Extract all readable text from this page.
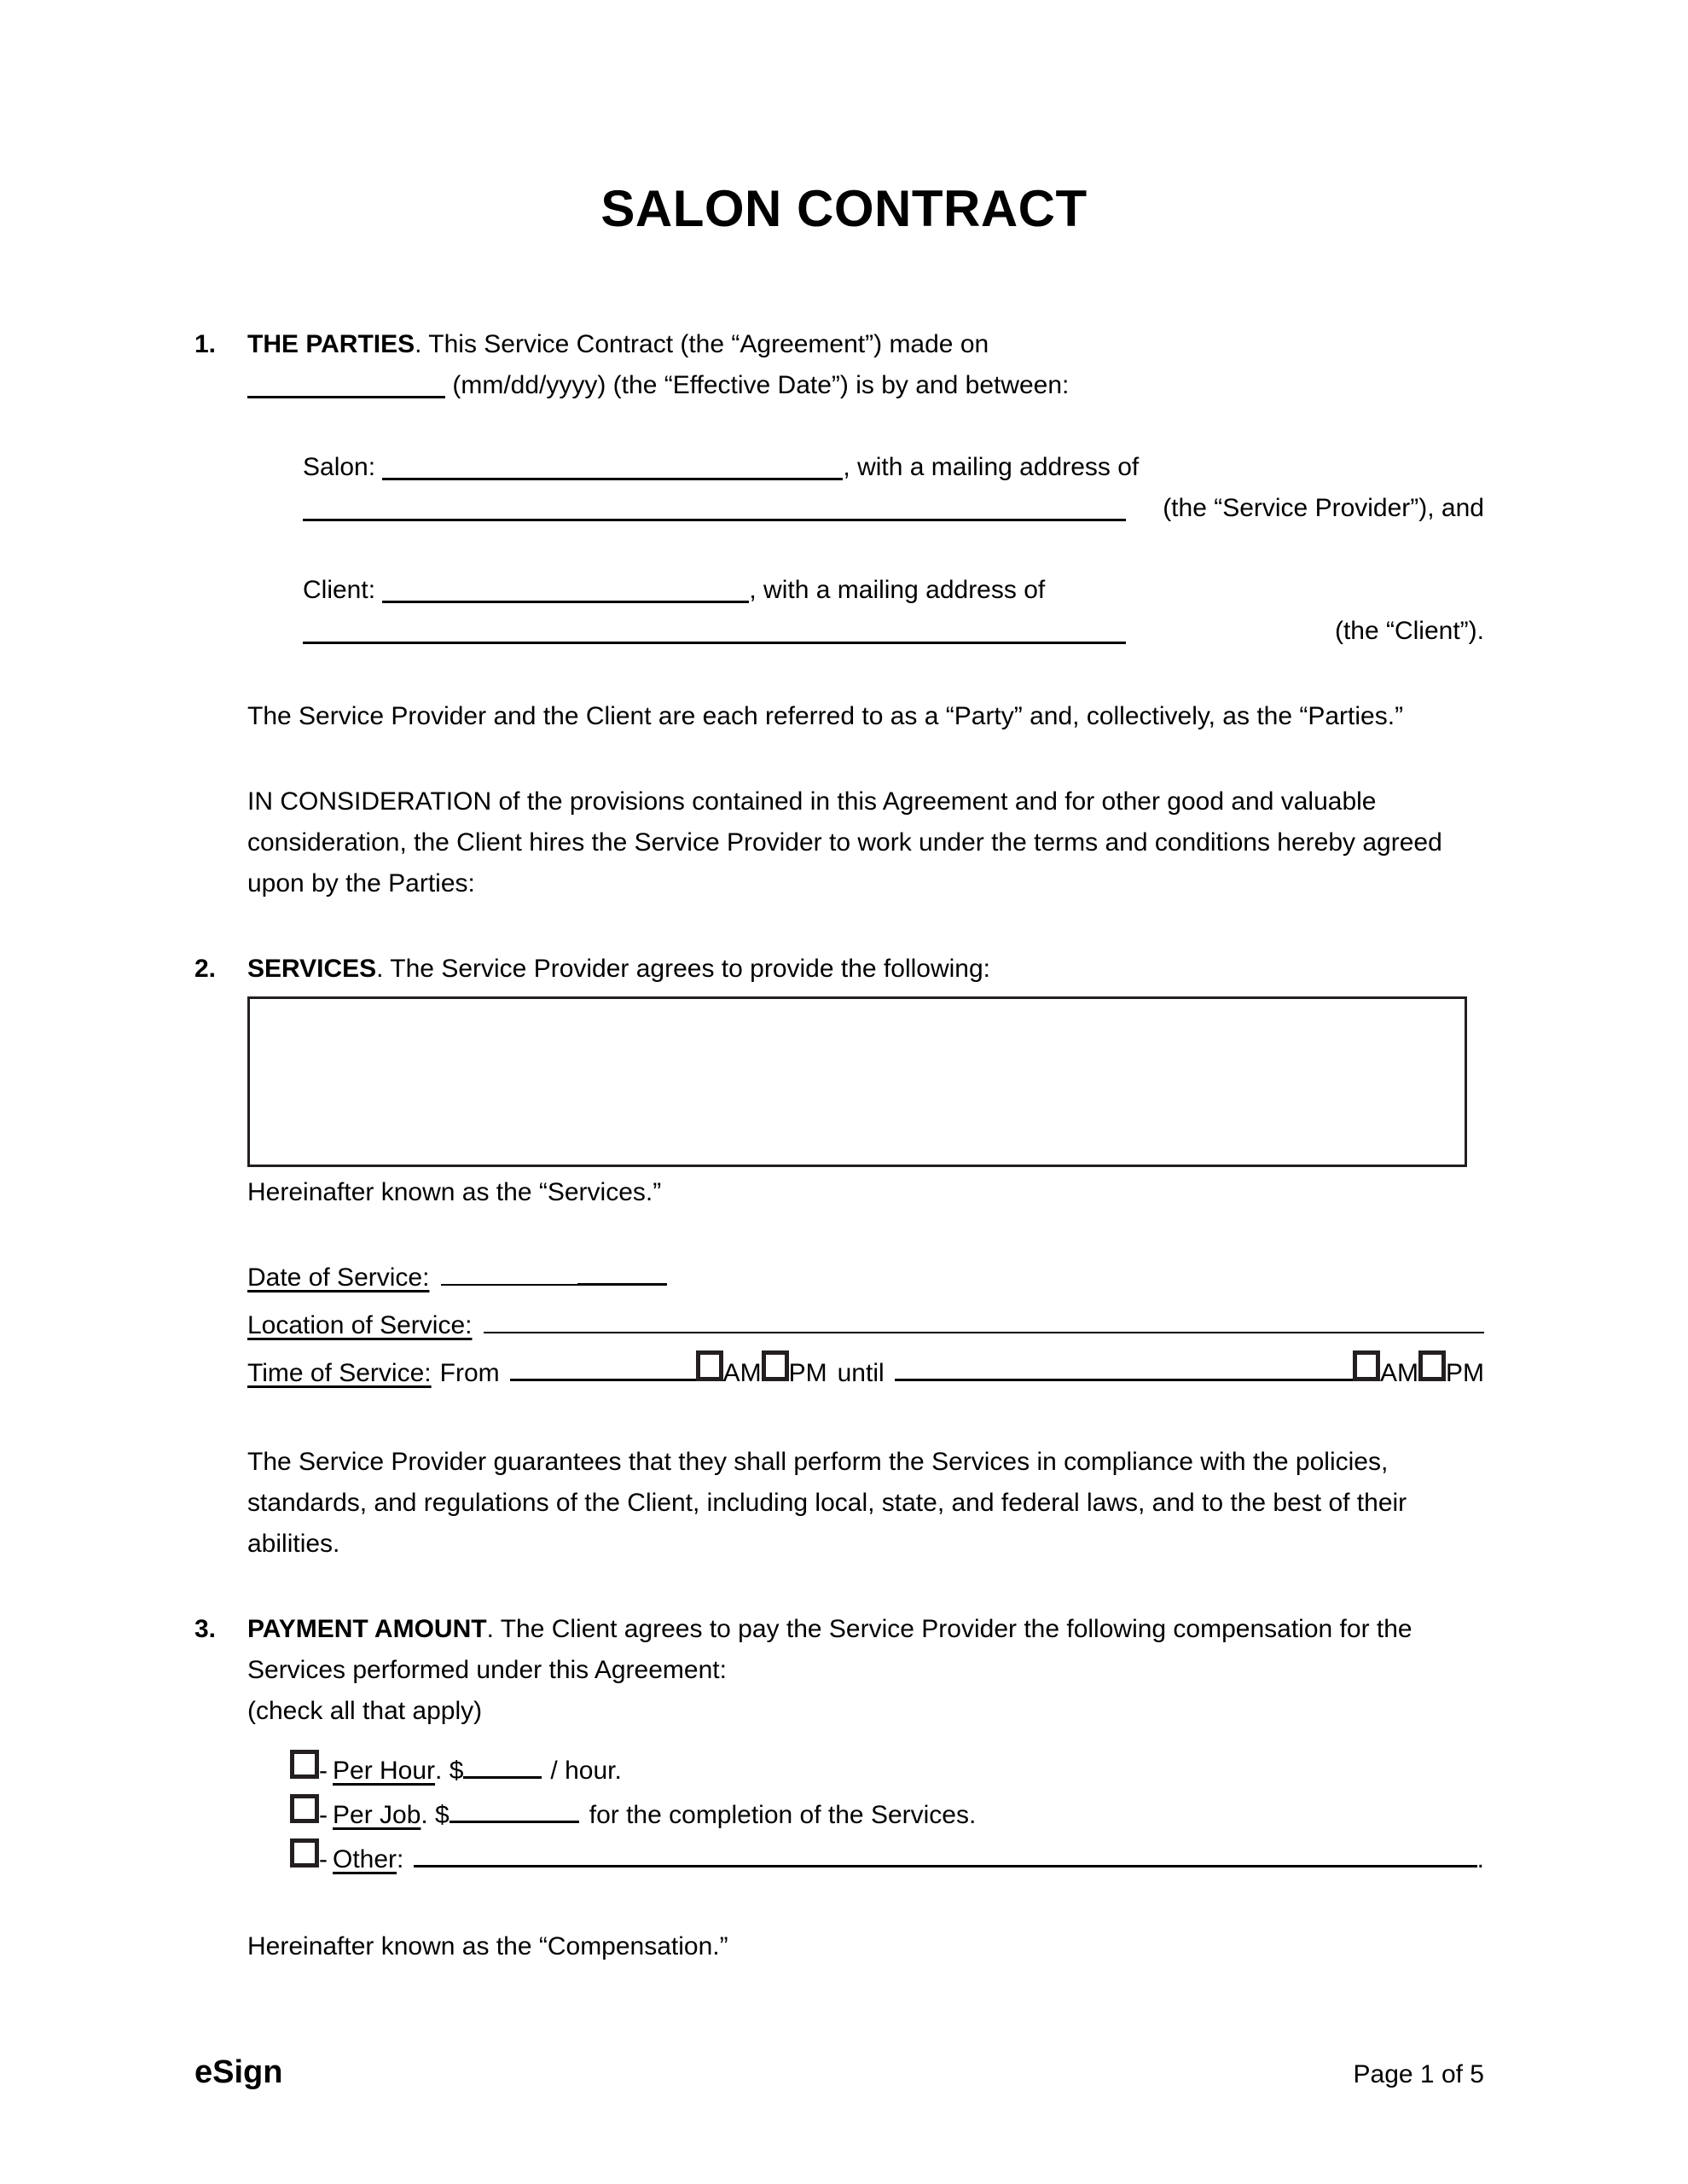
SALON CONTRACT
1.	THE PARTIES. This Service Contract (the “Agreement”) made on

(mm/dd/yyyy) (the “Effective Date”) is by and between:

Salon:	, with a mailing address of
(the “Service Provider”), and
Client:	, with a mailing address of
(the “Client”).

The Service Provider and the Client are each referred to as a “Party” and, collectively, as the “Parties.”

IN CONSIDERATION of the provisions contained in this Agreement and for other good and valuable consideration, the Client hires the Service Provider to work under the terms and conditions hereby agreed upon by the Parties:

2.	SERVICES. The Service Provider agrees to provide the following:

Hereinafter known as the “Services.”

Date of Service:
Location of Service:
Time of Service: From	AM PM until	AM PM

The Service Provider guarantees that they shall perform the Services in compliance with the policies, standards, and regulations of the Client, including local, state, and federal laws, and to the best of their abilities.

3.	PAYMENT AMOUNT. The Client agrees to pay the Service Provider the following compensation for the Services performed under this Agreement:

(check all that apply)

- Per Hour . $	/ hour.
- Per Job . $	for the completion of the Services.
- Other :	.

Hereinafter known as the “Compensation.”

eSign	Page 1 of 5
